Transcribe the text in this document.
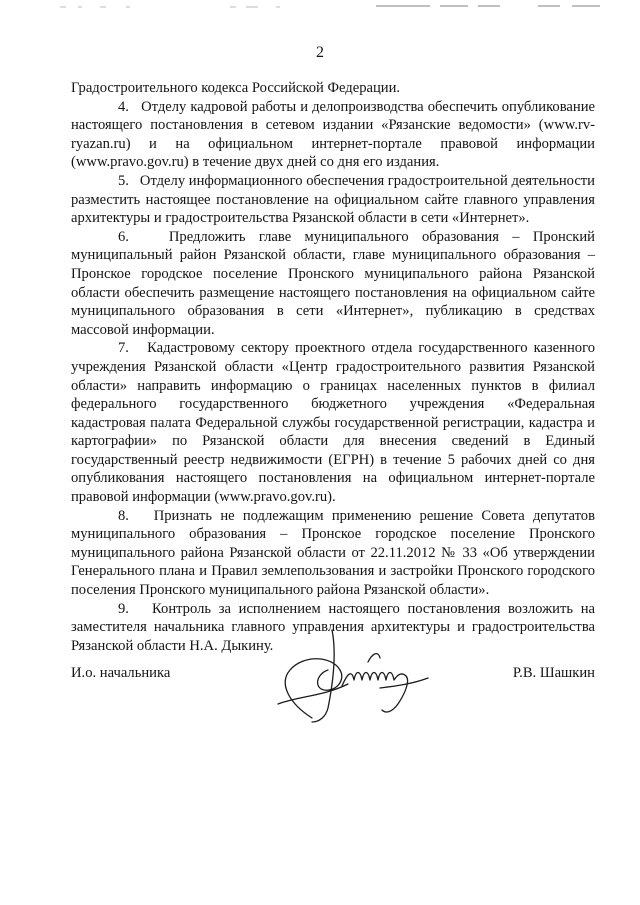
2

Градостроительного кодекса Российской Федерации.

4.   Отделу кадровой работы и делопроизводства обеспечить опубликование настоящего постановления в сетевом издании «Рязанские ведомости» (www.rv-ryazan.ru) и на официальном интернет-портале правовой информации (www.pravo.gov.ru) в течение двух дней со дня его издания.

5.   Отделу информационного обеспечения градостроительной деятельности разместить настоящее постановление на официальном сайте главного управления архитектуры и градостроительства Рязанской области в сети «Интернет».

6.   Предложить главе муниципального образования – Пронский муниципальный район Рязанской области, главе муниципального образования – Пронское городское поселение Пронского муниципального района Рязанской области обеспечить размещение настоящего постановления на официальном сайте муниципального образования в сети «Интернет», публикацию в средствах массовой информации.

7.   Кадастровому сектору проектного отдела государственного казенного учреждения Рязанской области «Центр градостроительного развития Рязанской области» направить информацию о границах населенных пунктов в филиал федерального государственного бюджетного учреждения «Федеральная кадастровая палата Федеральной службы государственной регистрации, кадастра и картографии» по Рязанской области для внесения сведений в Единый государственный реестр недвижимости (ЕГРН) в течение 5 рабочих дней со дня опубликования настоящего постановления на официальном интернет-портале правовой информации (www.pravo.gov.ru).

8.   Признать не подлежащим применению решение Совета депутатов муниципального образования – Пронское городское поселение Пронского муниципального района Рязанской области от 22.11.2012 № 33 «Об утверждении Генерального плана и Правил землепользования и застройки Пронского городского поселения Пронского муниципального района Рязанской области».

9.   Контроль за исполнением настоящего постановления возложить на заместителя начальника главного управления архитектуры и градостроительства Рязанской области Н.А. Дыкину.

И.о. начальника	Р.В. Шашкин
